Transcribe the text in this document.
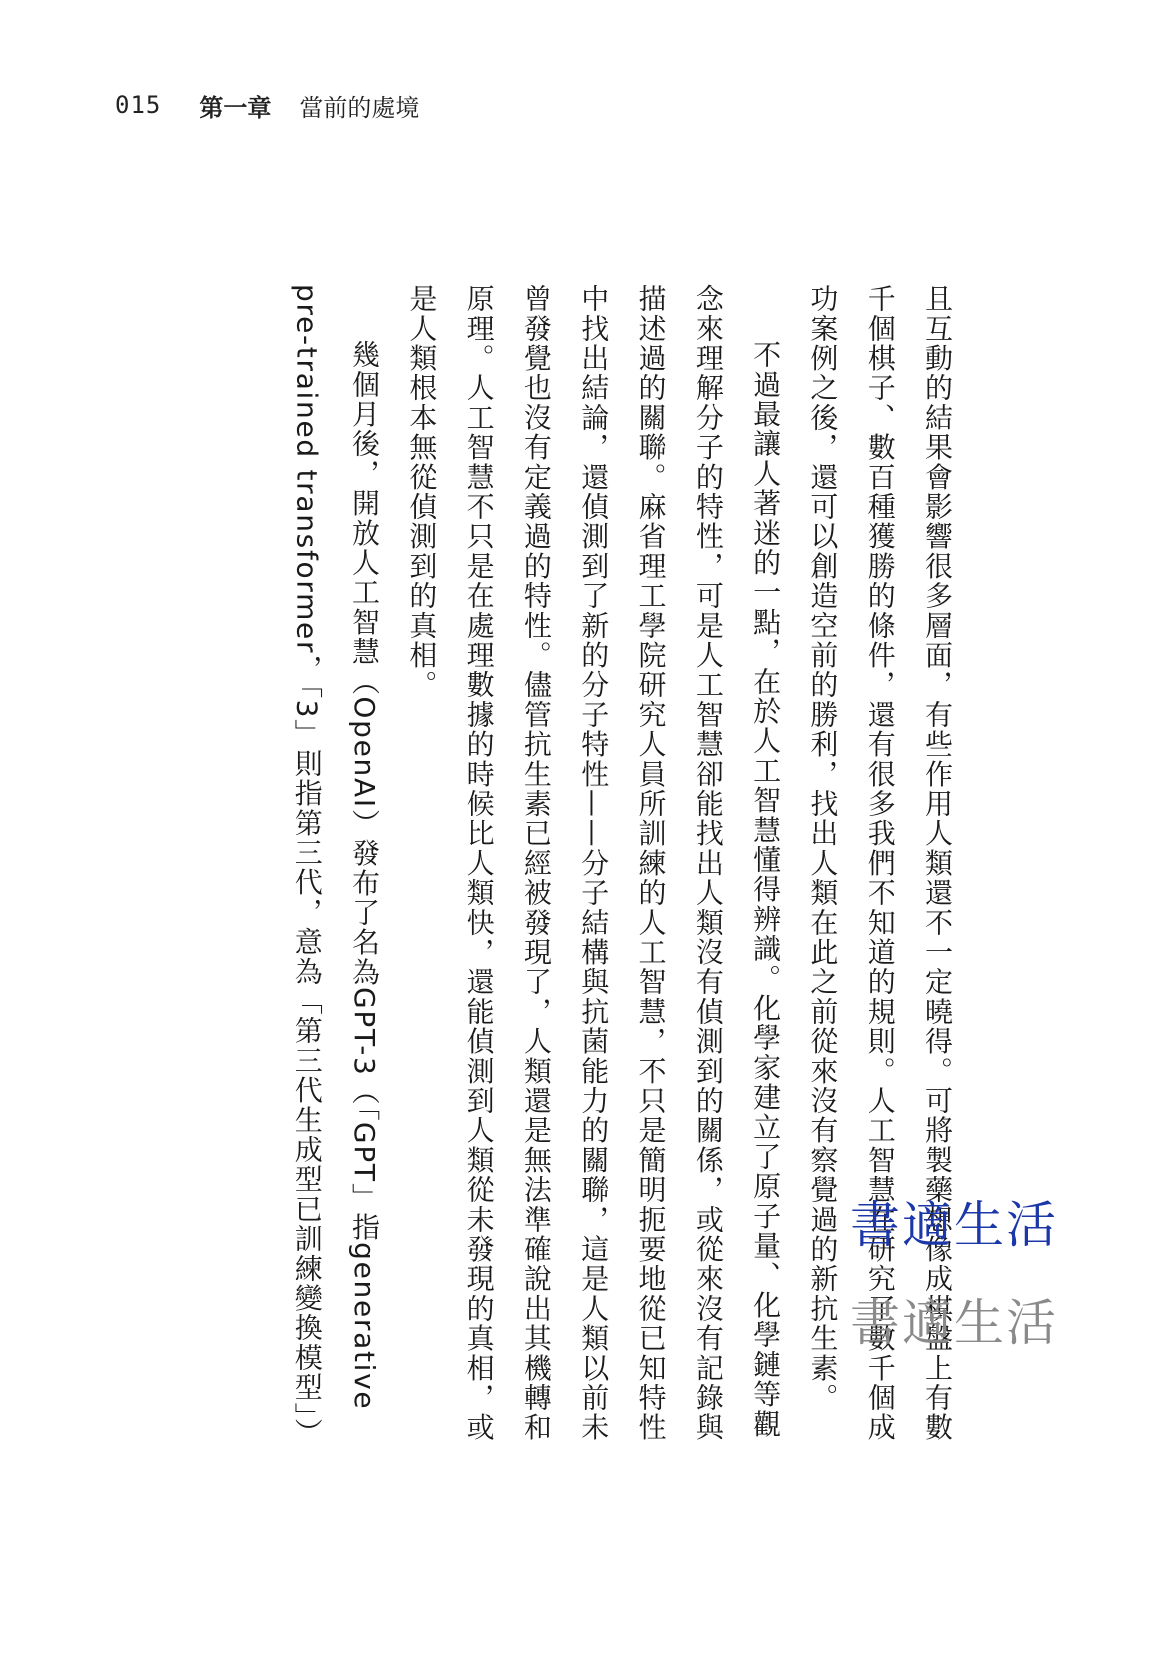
015 第一章 當前的處境

且互動的結果會影響很多層面，有些作用人類還不一定曉得。可將製藥想像成棋盤上有數千個棋子、數百種獲勝的條件，還有很多我們不知道的規則。人工智慧在研究了數千個成功案例之後，還可以創造空前的勝利，找出人類在此之前從來沒有察覺過的新抗生素。

不過最讓人著迷的一點，在於人工智慧懂得辨識。化學家建立了原子量、化學鏈等觀念來理解分子的特性，可是人工智慧卻能找出人類沒有偵測到的關係，或從來沒有記錄與描述過的關聯。麻省理工學院研究人員所訓練的人工智慧，不只是簡明扼要地從已知特性中找出結論，還偵測到了新的分子特性——分子結構與抗菌能力的關聯，這是人類以前未曾發覺也沒有定義過的特性。儘管抗生素已經被發現了，人類還是無法準確說出其機轉和原理。人工智慧不只是在處理數據的時候比人類快，還能偵測到人類從未發現的真相，或是人類根本無從偵測到的真相。

幾個月後，開放人工智慧（OpenAI）發布了名為GPT-3（「GPT」指generative pre-trained transformer，「3」則指第三代，意為「第三代生成型已訓練變換模型」）	書適生活
書適生活
